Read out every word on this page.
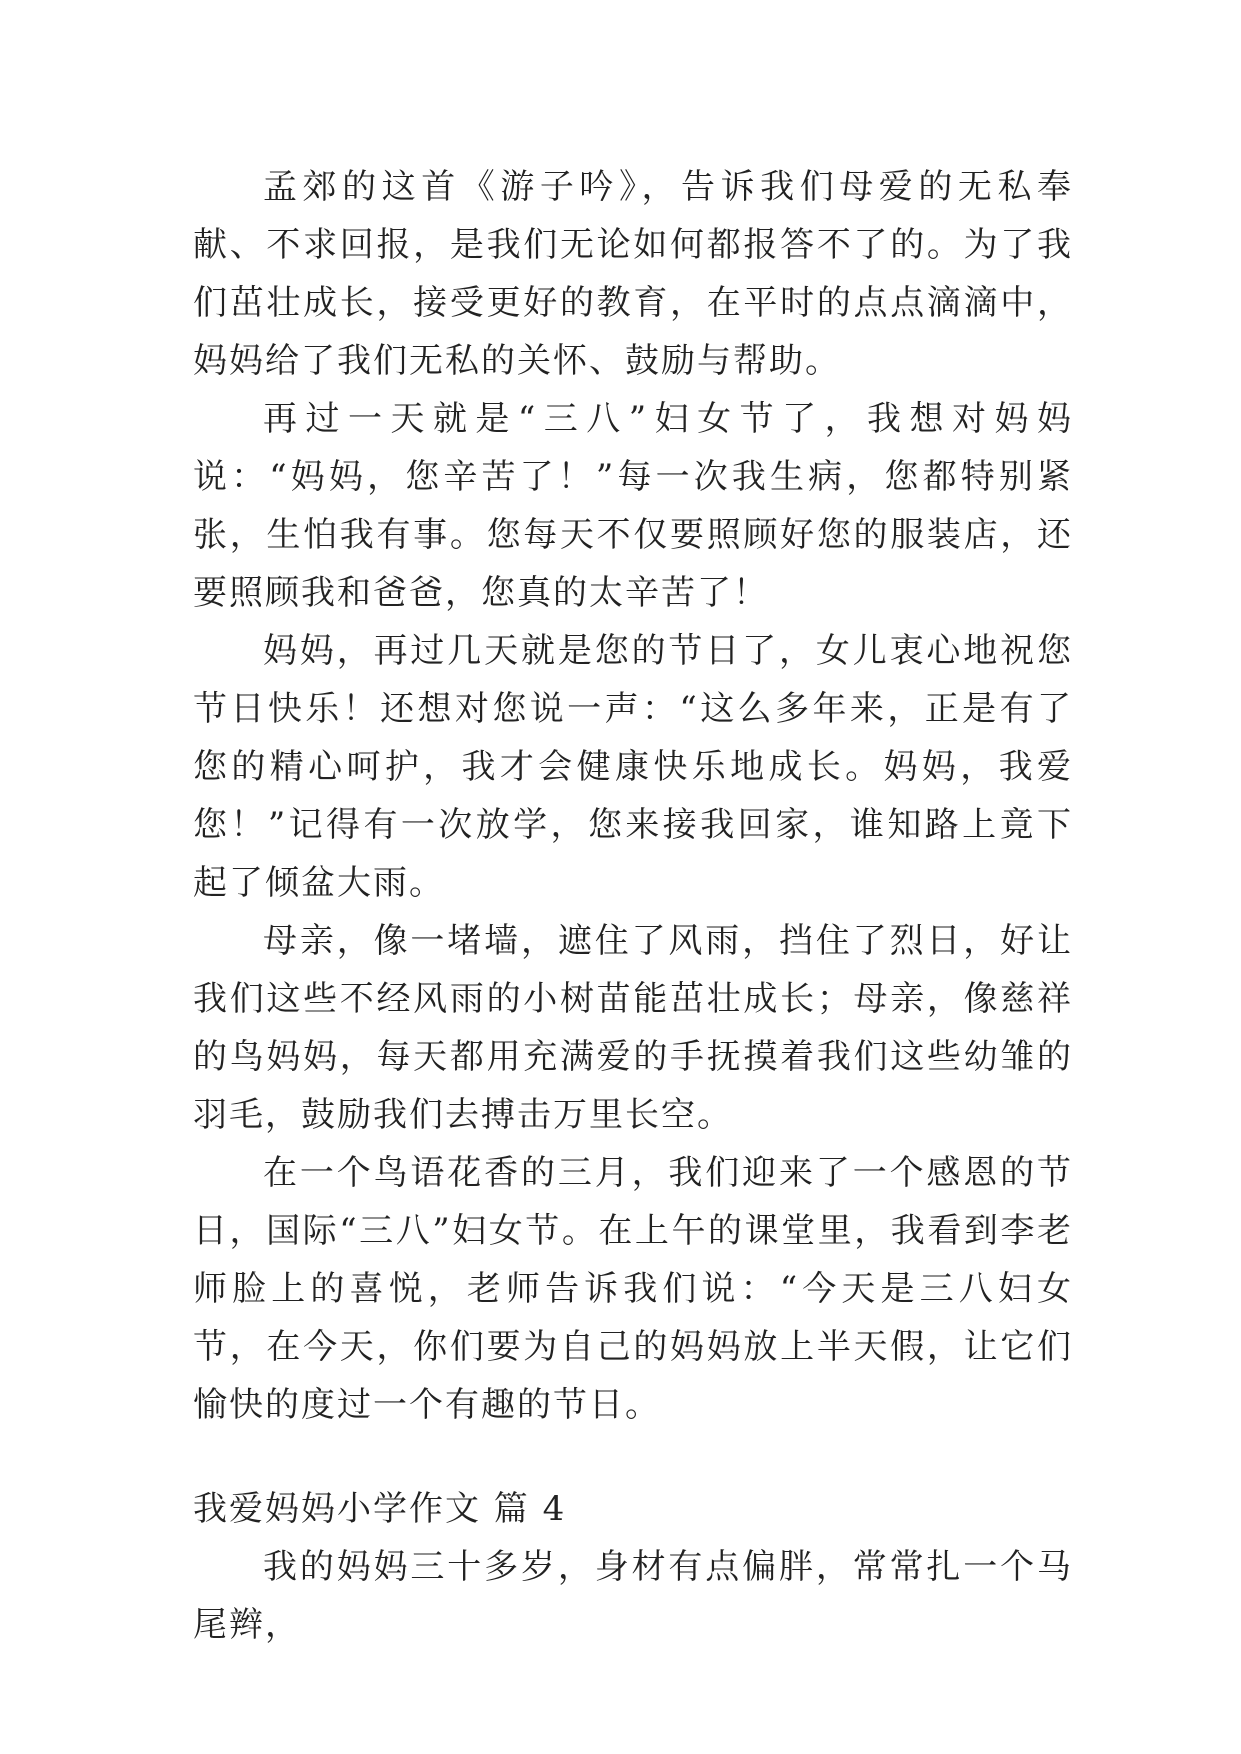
孟郊的这首《游子吟》，告诉我们母爱的无私奉献、不求回报，是我们无论如何都报答不了的。为了我们茁壮成长，接受更好的教育，在平时的点点滴滴中，妈妈给了我们无私的关怀、鼓励与帮助。

再过一天就是“三八”妇女节了，我想对妈妈说：“妈妈，您辛苦了！”每一次我生病，您都特别紧张，生怕我有事。您每天不仅要照顾好您的服装店，还要照顾我和爸爸，您真的太辛苦了！

妈妈，再过几天就是您的节日了，女儿衷心地祝您节日快乐！还想对您说一声：“这么多年来，正是有了您的精心呵护，我才会健康快乐地成长。妈妈，我爱您！”记得有一次放学，您来接我回家，谁知路上竟下起了倾盆大雨。

母亲，像一堵墙，遮住了风雨，挡住了烈日，好让我们这些不经风雨的小树苗能茁壮成长；母亲，像慈祥的鸟妈妈，每天都用充满爱的手抚摸着我们这些幼雏的羽毛，鼓励我们去搏击万里长空。

在一个鸟语花香的三月，我们迎来了一个感恩的节日，国际“三八”妇女节。在上午的课堂里，我看到李老师脸上的喜悦，老师告诉我们说：“今天是三八妇女节，在今天，你们要为自己的妈妈放上半天假，让它们愉快的度过一个有趣的节日。

我爱妈妈小学作文 篇 4

我的妈妈三十多岁，身材有点偏胖，常常扎一个马尾辫，
